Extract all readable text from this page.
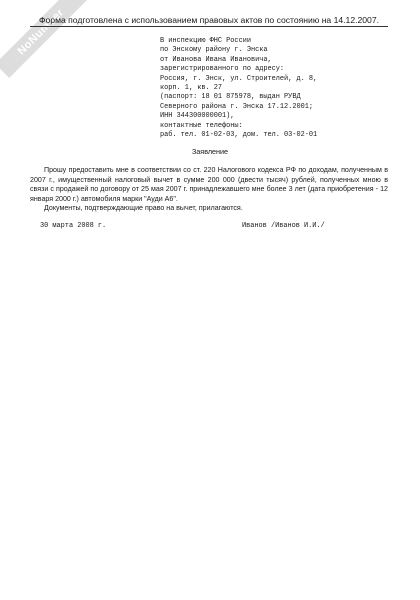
NoNumber
Форма подготовлена с использованием правовых актов по состоянию на 14.12.2007.
В инспекцию ФНС России
по Энскому району г. Энска
от Иванова Ивана Ивановича,
зарегистрированного по адресу:
Россия, г. Энск, ул. Строителей, д. 8,
корп. 1, кв. 27
(паспорт: 18 01 875978, выдан РУВД
Северного района г. Энска 17.12.2001;
ИНН 344300000001),
контактные телефоны:
раб. тел. 01-02-03, дом. тел. 03-02-01
Заявление

Прошу предоставить мне в соответствии со ст. 220 Налогового кодекса РФ по доходам, полученным в 2007 г., имущественный налоговый вычет в сумме 200 000 (двести тысяч) рублей, полученных мною в связи с продажей по договору от 25 мая 2007 г. принадлежавшего мне более 3 лет (дата приобретения - 12 января 2000 г.) автомобиля марки "Ауди А6".

Документы, подтверждающие право на вычет, прилагаются.

30 марта 2008 г.	Иванов /Иванов И.И./
